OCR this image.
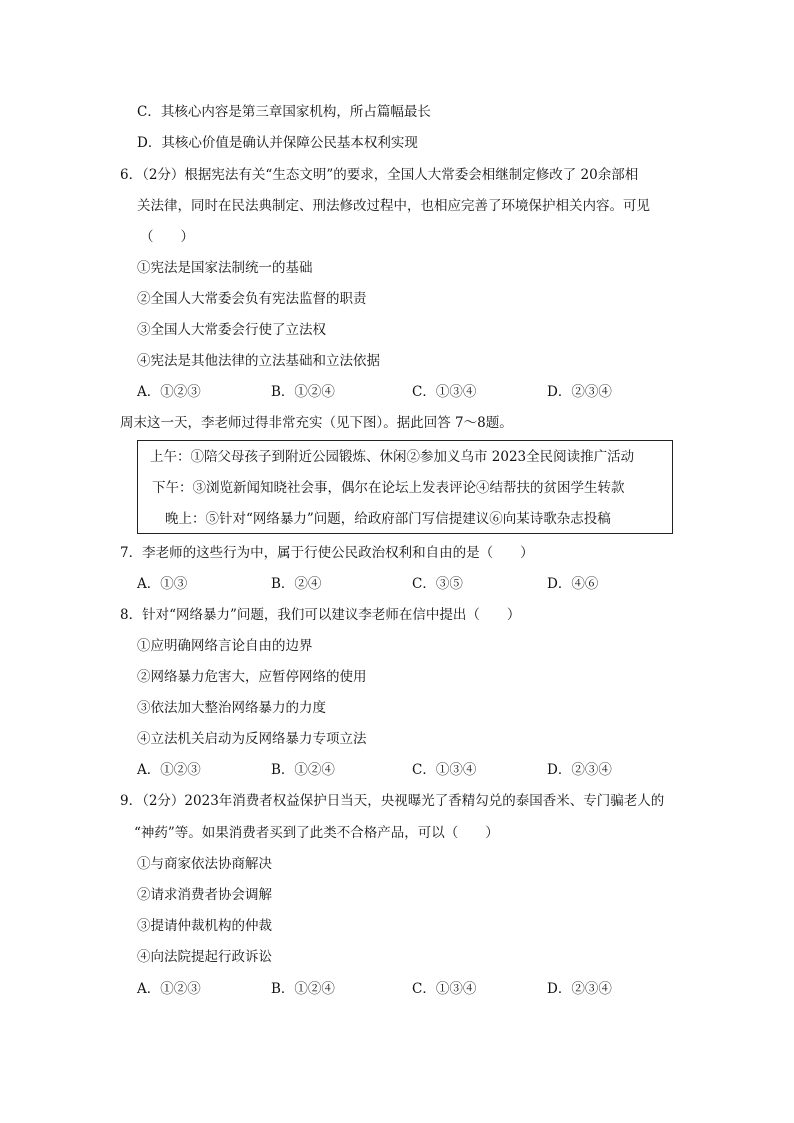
C．其核心内容是第三章国家机构，所占篇幅最长
D．其核心价值是确认并保障公民基本权利实现
6．（2分）根据宪法有关“生态文明”的要求，全国人大常委会相继制定修改了 20余部相
关法律，同时在民法典制定、刑法修改过程中，也相应完善了环境保护相关内容。可见
（　　）
①宪法是国家法制统一的基础
②全国人大常委会负有宪法监督的职责
③全国人大常委会行使了立法权
④宪法是其他法律的立法基础和立法依据
A．①②③	B．①②④	C．①③④	D．②③④
周末这一天，李老师过得非常充实（见下图）。据此回答 7～8题。
上午：①陪父母孩子到附近公园锻炼、休闲②参加义乌市 2023全民阅读推广活动
下午：③浏览新闻知晓社会事，偶尔在论坛上发表评论④结帮扶的贫困学生转款
晚上：⑤针对“网络暴力”问题，给政府部门写信提建议⑥向某诗歌杂志投稿
7．李老师的这些行为中，属于行使公民政治权利和自由的是（　　）
A．①③	B．②④	C．③⑤	D．④⑥
8．针对“网络暴力”问题，我们可以建议李老师在信中提出（　　）
①应明确网络言论自由的边界
②网络暴力危害大，应暂停网络的使用
③依法加大整治网络暴力的力度
④立法机关启动为反网络暴力专项立法
A．①②③	B．①②④	C．①③④	D．②③④
9．（2分）2023年消费者权益保护日当天，央视曝光了香精勾兑的泰国香米、专门骗老人的
“神药”等。如果消费者买到了此类不合格产品，可以（　　）
①与商家依法协商解决
②请求消费者协会调解
③提请仲裁机构的仲裁
④向法院提起行政诉讼
A．①②③	B．①②④	C．①③④	D．②③④
